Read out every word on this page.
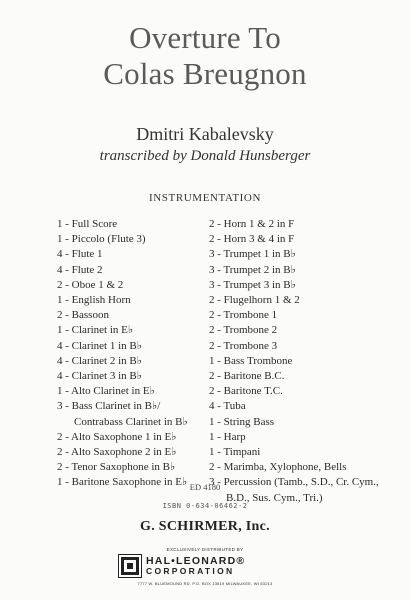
Overture To
Colas Breugnon
Dmitri Kabalevsky
transcribed by Donald Hunsberger
INSTRUMENTATION
1 - Full Score
1 - Piccolo (Flute 3)
4 - Flute 1
4 - Flute 2
2 - Oboe 1 & 2
1 - English Horn
2 - Bassoon
1 - Clarinet in E♭
4 - Clarinet 1 in B♭
4 - Clarinet 2 in B♭
4 - Clarinet 3 in B♭
1 - Alto Clarinet in E♭
3 - Bass Clarinet in B♭/
Contrabass Clarinet in B♭
2 - Alto Saxophone 1 in E♭
2 - Alto Saxophone 2 in E♭
2 - Tenor Saxophone in B♭
1 - Baritone Saxophone in E♭
2 - Horn 1 & 2 in F
2 - Horn 3 & 4 in F
3 - Trumpet 1 in B♭
3 - Trumpet 2 in B♭
3 - Trumpet 3 in B♭
2 - Flugelhorn 1 & 2
2 - Trombone 1
2 - Trombone 2
2 - Trombone 3
1 - Bass Trombone
2 - Baritone B.C.
2 - Baritone T.C.
4 - Tuba
1 - String Bass
1 - Harp
1 - Timpani
2 - Marimba, Xylophone, Bells
3 - Percussion (Tamb., S.D., Cr. Cym.,
B.D., Sus. Cym., Tri.)
ED 4180
ISBN 0-634-06462-2
G. SCHIRMER, Inc.
EXCLUSIVELY DISTRIBUTED BY
HAL•LEONARD®
CORPORATION
7777 W. BLUEMOUND RD. P.O. BOX 13819 MILWAUKEE, WI 53213
